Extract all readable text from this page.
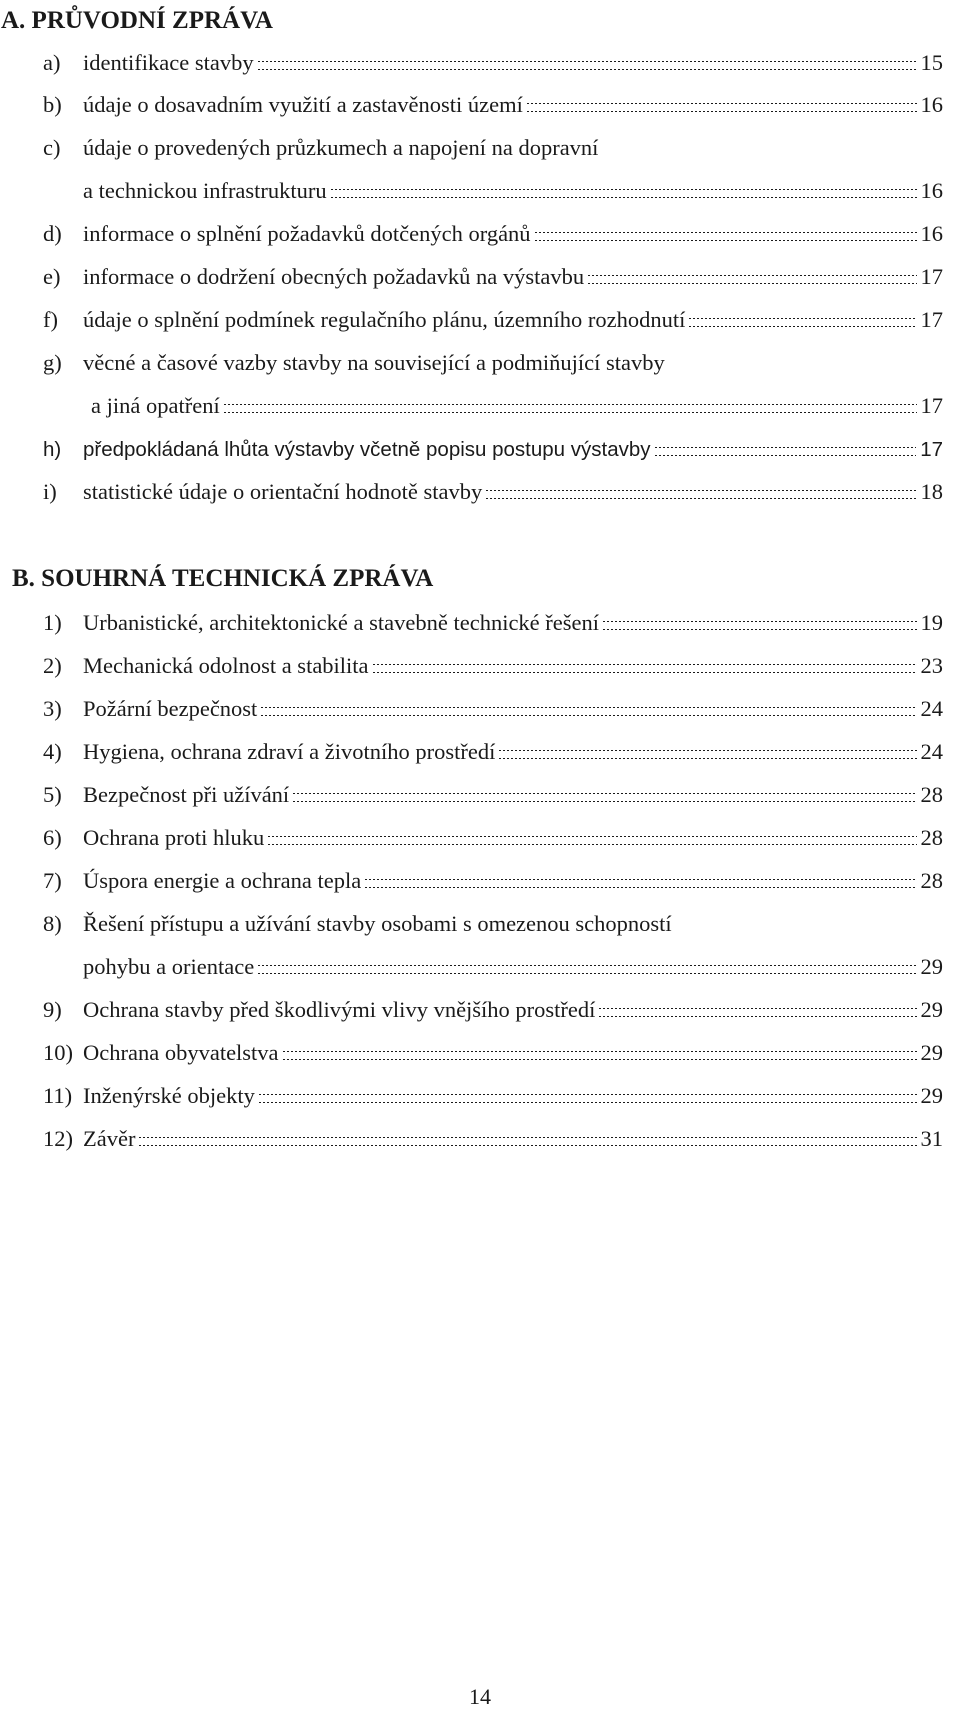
A. PRŮVODNÍ ZPRÁVA
a)	identifikace stavby	15
b) údaje o dosavadním využití a zastavěnosti území	16
c)	údaje o provedených průzkumech a napojení na dopravní
a technickou infrastrukturu	16
d) informace o splnění požadavků dotčených orgánů	16
e)	informace o dodržení obecných požadavků na výstavbu	17
f)	údaje o splnění podmínek regulačního plánu, územního rozhodnutí	17
g) věcné a časové vazby stavby na související a podmiňující stavby
a jiná opatření	17
h)	předpokládaná lhůta výstavby včetně popisu postupu výstavby	17
i)	statistické údaje o orientační hodnotě stavby	18
B. SOUHRNÁ TECHNICKÁ ZPRÁVA
1) Urbanistické, architektonické a stavebně technické řešení	19
2) Mechanická odolnost a stabilita	23
3) Požární bezpečnost	24
4) Hygiena, ochrana zdraví a životního prostředí	24
5) Bezpečnost při užívání	28
6) Ochrana proti hluku	28
7) Úspora energie a ochrana tepla	28
8) Řešení přístupu a užívání stavby osobami s omezenou schopností
pohybu a orientace	29
9) Ochrana stavby před škodlivými vlivy vnějšího prostředí	29
10) Ochrana obyvatelstva	29
11) Inženýrské objekty	29
12) Závěr	31
14
